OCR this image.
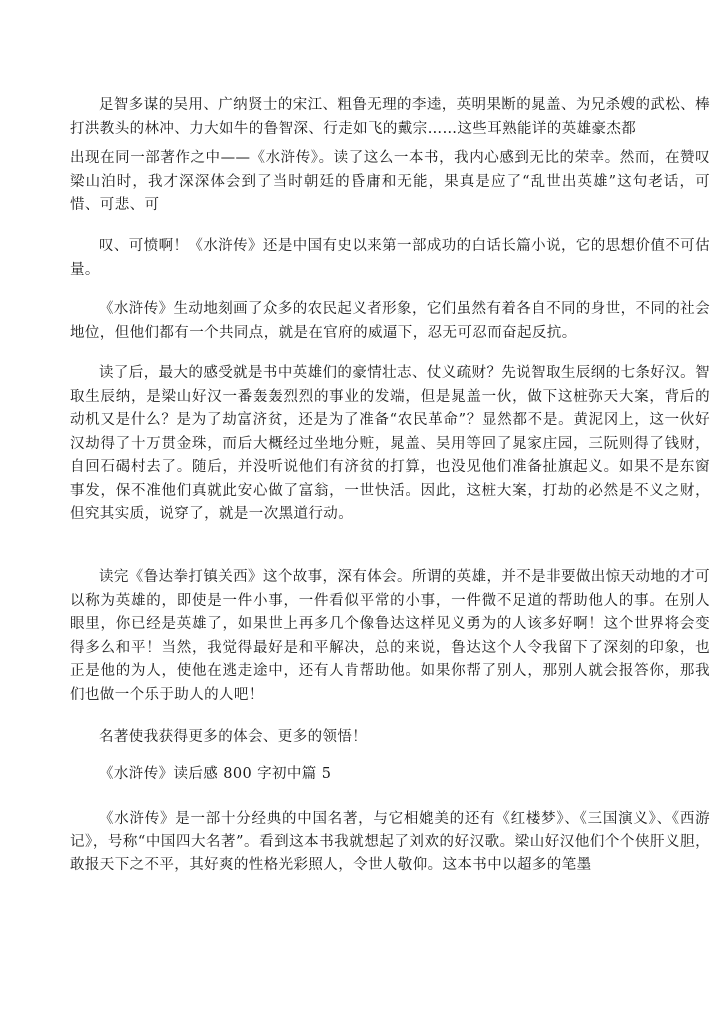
足智多谋的吴用、广纳贤士的宋江、粗鲁无理的李逵，英明果断的晁盖、为兄杀嫂的武松、棒打洪教头的林冲、力大如牛的鲁智深、行走如飞的戴宗……这些耳熟能详的英雄豪杰都

出现在同一部著作之中——《水浒传》。读了这么一本书，我内心感到无比的荣幸。然而，在赞叹梁山泊时，我才深深体会到了当时朝廷的昏庸和无能，果真是应了“乱世出英雄”这句老话，可惜、可悲、可

叹、可愤啊！《水浒传》还是中国有史以来第一部成功的白话长篇小说，它的思想价值不可估量。

《水浒传》生动地刻画了众多的农民起义者形象，它们虽然有着各自不同的身世，不同的社会地位，但他们都有一个共同点，就是在官府的威逼下，忍无可忍而奋起反抗。

读了后，最大的感受就是书中英雄们的豪情壮志、仗义疏财？先说智取生辰纲的七条好汉。智取生辰纳，是梁山好汉一番轰轰烈烈的事业的发端，但是晁盖一伙，做下这桩弥天大案，背后的动机又是什么？是为了劫富济贫，还是为了准备“农民革命”？显然都不是。黄泥冈上，这一伙好汉劫得了十万贯金珠，而后大概经过坐地分赃，晁盖、吴用等回了晁家庄园，三阮则得了钱财，自回石碣村去了。随后，并没听说他们有济贫的打算，也没见他们准备扯旗起义。如果不是东窗事发，保不准他们真就此安心做了富翁，一世快活。因此，这桩大案，打劫的必然是不义之财，但究其实质，说穿了，就是一次黑道行动。

读完《鲁达拳打镇关西》这个故事，深有体会。所谓的英雄，并不是非要做出惊天动地的才可以称为英雄的，即使是一件小事，一件看似平常的小事，一件微不足道的帮助他人的事。在别人眼里，你已经是英雄了，如果世上再多几个像鲁达这样见义勇为的人该多好啊！这个世界将会变得多么和平！当然，我觉得最好是和平解决，总的来说，鲁达这个人令我留下了深刻的印象，也正是他的为人，使他在逃走途中，还有人肯帮助他。如果你帮了别人，那别人就会报答你，那我们也做一个乐于助人的人吧！

名著使我获得更多的体会、更多的领悟！

《水浒传》读后感 800 字初中篇 5

《水浒传》是一部十分经典的中国名著，与它相媲美的还有《红楼梦》、《三国演义》、《西游记》，号称“中国四大名著”。看到这本书我就想起了刘欢的好汉歌。梁山好汉他们个个侠肝义胆，敢报天下之不平，其好爽的性格光彩照人，令世人敬仰。这本书中以超多的笔墨
